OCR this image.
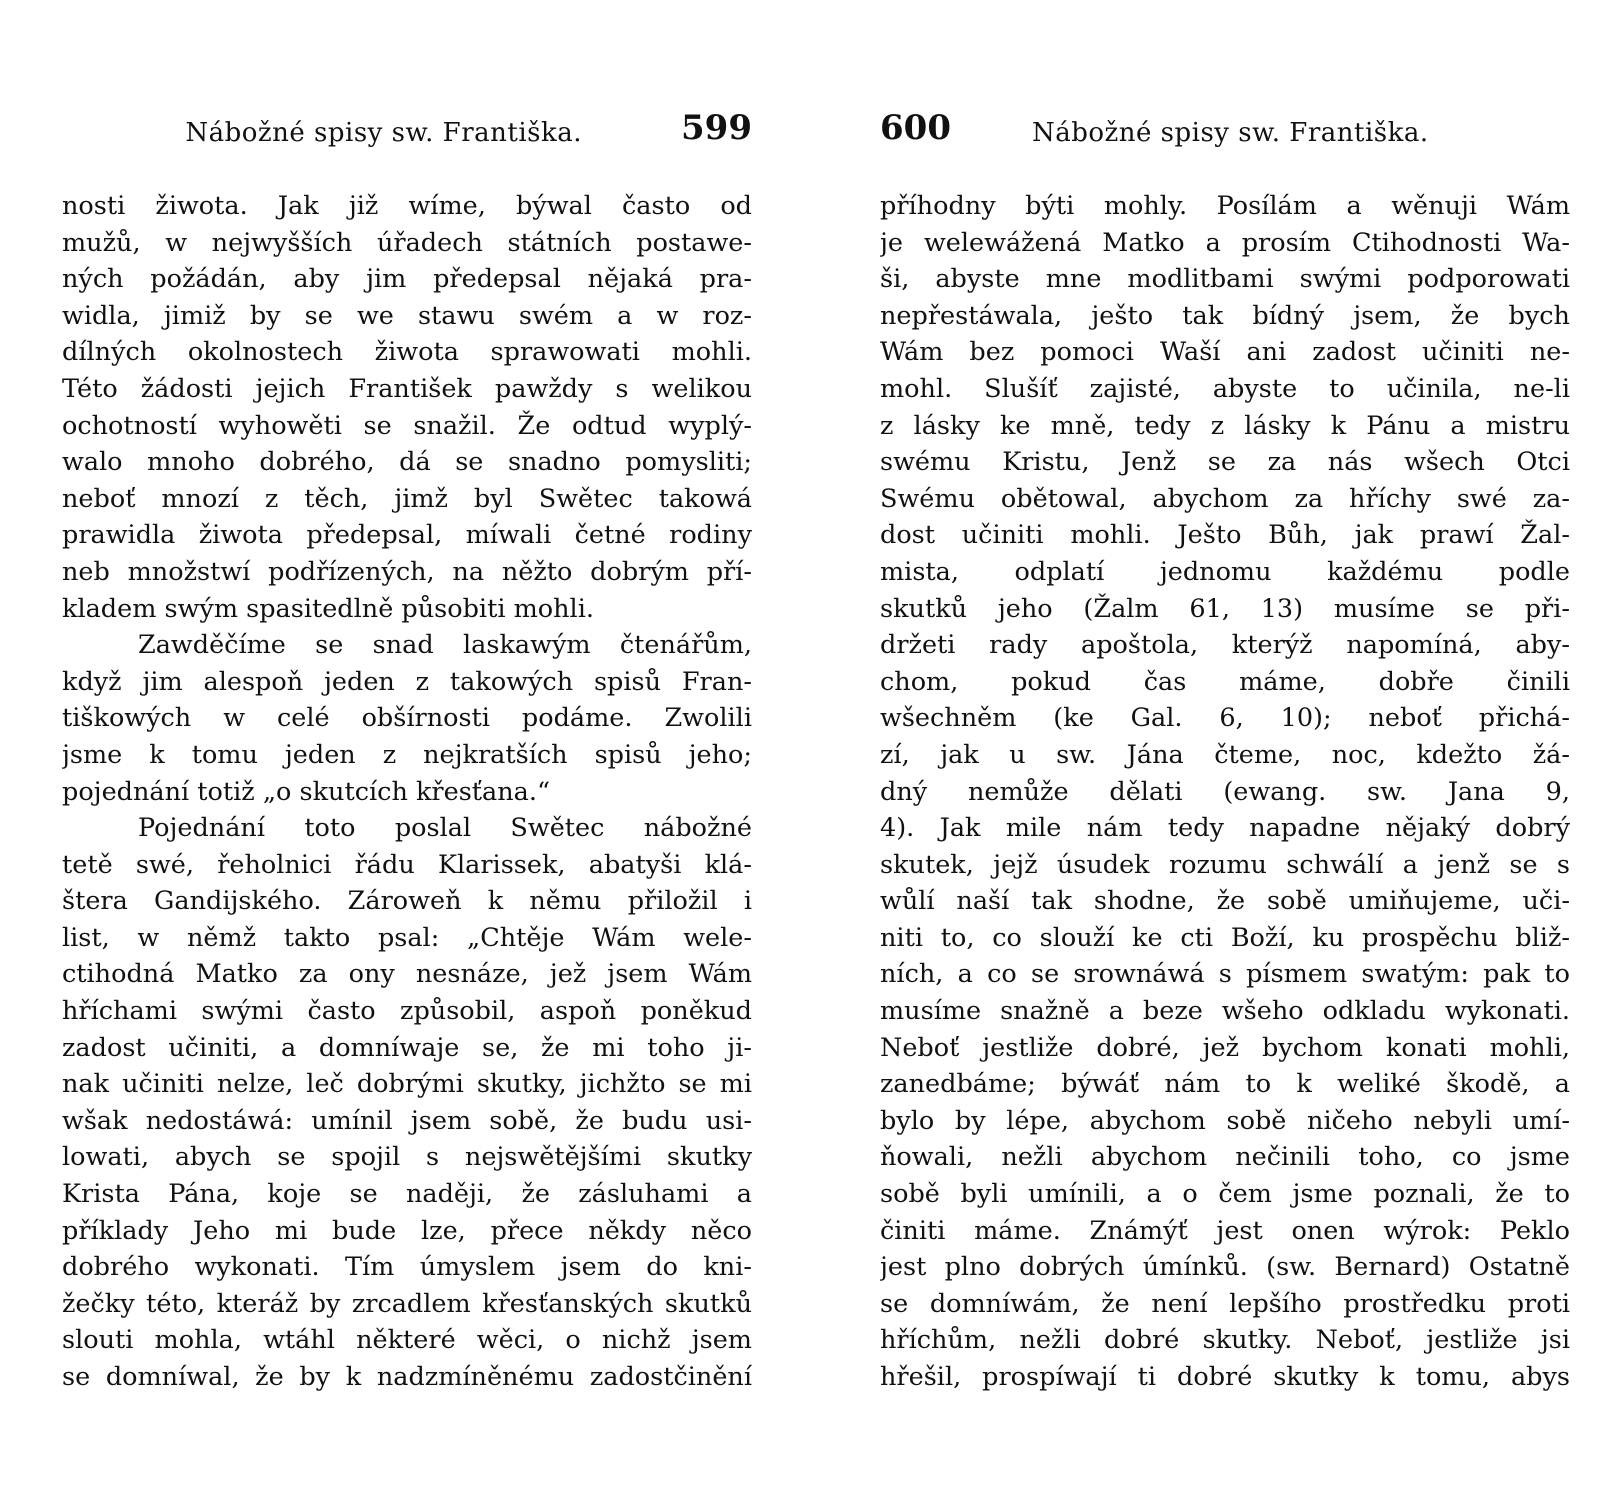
Nábožné spisy sw. Františka.	599
nosti žiwota. Jak již wíme, býwal často od
mužů, w nejwyšších úřadech státních postawe-
ných požádán, aby jim předepsal nějaká pra-
widla, jimiž by se we stawu swém a w roz-
dílných okolnostech žiwota sprawowati mohli.
Této žádosti jejich František pawždy s welikou
ochotností wyhowěti se snažil. Že odtud wyplý-
walo mnoho dobrého, dá se snadno pomysliti;
neboť mnozí z těch, jimž byl Swětec takowá
prawidla žiwota předepsal, míwali četné rodiny
neb množstwí podřízených, na něžto dobrým pří-
kladem swým spasitedlně působiti mohli.
Zawděčíme se snad laskawým čtenářům,
když jim alespoň jeden z takowých spisů Fran-
tiškowých w celé obšírnosti podáme. Zwolili
jsme k tomu jeden z nejkratších spisů jeho;
pojednání totiž „o skutcích křesťana.“
Pojednání toto poslal Swětec nábožné
tetě swé, řeholnici řádu Klarissek, abatyši klá-
štera Gandijského. Zároweň k němu přiložil i
list, w němž takto psal: „Chtěje Wám wele-
ctihodná Matko za ony nesnáze, jež jsem Wám
hříchami swými často způsobil, aspoň poněkud
zadost učiniti, a domníwaje se, že mi toho ji-
nak učiniti nelze, leč dobrými skutky, jichžto se mi
wšak nedostáwá: umínil jsem sobě, že budu usi-
lowati, abych se spojil s nejswětějšími skutky
Krista Pána, koje se naději, že zásluhami a
příklady Jeho mi bude lze, přece někdy něco
dobrého wykonati. Tím úmyslem jsem do kni-
žečky této, kteráž by zrcadlem křesťanských skutků
slouti mohla, wtáhl některé wěci, o nichž jsem
se domníwal, že by k nadzmíněnému zadostčinění
600	Nábožné spisy sw. Františka.
příhodny býti mohly. Posílám a wěnuji Wám
je welewážená Matko a prosím Ctihodnosti Wa-
ši, abyste mne modlitbami swými podporowati
nepřestáwala, ješto tak bídný jsem, že bych
Wám bez pomoci Waší ani zadost učiniti ne-
mohl. Slušíť zajisté, abyste to učinila, ne-li
z lásky ke mně, tedy z lásky k Pánu a mistru
swému Kristu, Jenž se za nás wšech Otci
Swému obětowal, abychom za hříchy swé za-
dost učiniti mohli. Ješto Bůh, jak prawí Žal-
mista, odplatí jednomu každému podle
skutků jeho (Žalm 61, 13) musíme se při-
držeti rady apoštola, kterýž napomíná, aby-
chom, pokud čas máme, dobře činili
wšechněm (ke Gal. 6, 10); neboť přichá-
zí, jak u sw. Jána čteme, noc, kdežto žá-
dný nemůže dělati (ewang. sw. Jana 9,
4). Jak mile nám tedy napadne nějaký dobrý
skutek, jejž úsudek rozumu schwálí a jenž se s
wůlí naší tak shodne, že sobě umiňujeme, uči-
niti to, co slouží ke cti Boží, ku prospěchu bliž-
ních, a co se srownáwá s písmem swatým: pak to
musíme snažně a beze wšeho odkladu wykonati.
Neboť jestliže dobré, jež bychom konati mohli,
zanedbáme; býwáť nám to k weliké škodě, a
bylo by lépe, abychom sobě ničeho nebyli umí-
ňowali, nežli abychom nečinili toho, co jsme
sobě byli umínili, a o čem jsme poznali, že to
činiti máme. Známýť jest onen wýrok: Peklo
jest plno dobrých úmínků. (sw. Bernard) Ostatně
se domníwám, že není lepšího prostředku proti
hříchům, nežli dobré skutky. Neboť, jestliže jsi
hřešil, prospíwají ti dobré skutky k tomu, abys
